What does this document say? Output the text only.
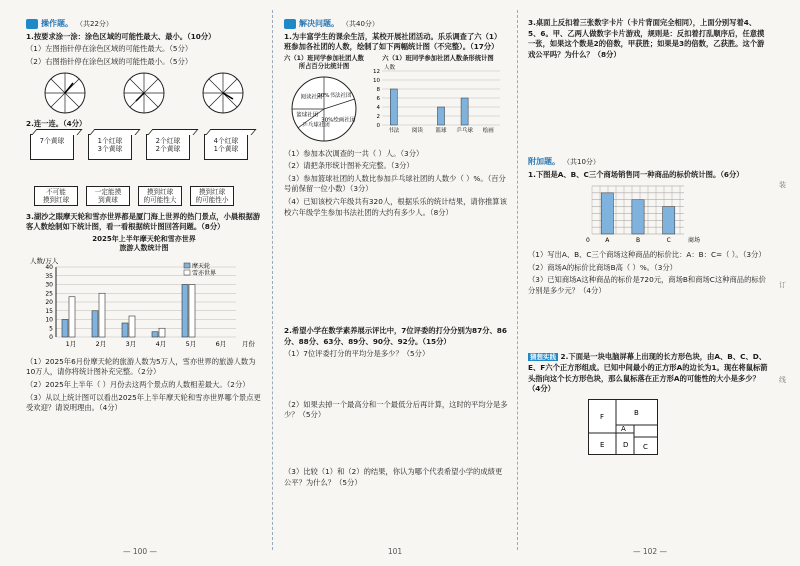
操作题。 （共22分）
1.按要求涂一涂：涂色区域的可能性最大、最小。（10分）
（1）左图指针停在涂色区域的可能性最大。（5分）
（2）右图指针停在涂色区域的可能性最小。（5分）
2.连一连。（4分）
7个黄球	1个红球
3个黄球
2个红球
2个黄球
4个红球
1个黄球
不可能
摸到红球
一定能摸
到黄球
摸到红球
的可能性大
摸到红球
的可能性小
3.湖沙之眼摩天轮和雪亦世界都是厦门海上世界的热门景点，小晨根据游客人数绘制如下统计图，看一看根据统计图回答问题。（8分）
2025年上半年摩天轮和雪亦世界
旅游人数统计图
人数/万人
0
5
10
15
20
25
30
35
40
1月	2月	3月	4月	5月	6月 月份
摩天轮
雪亦世界
（1）2025年6月份摩天轮的旅游人数为5万人，雪亦世界的旅游人数为10万人，请你将统计图补充完整。（2分）
（2）2025年上半年（ ）月份去这两个景点的人数相差最大。（2分）
（3）从以上统计图可以看出2025年上半年摩天轮和雪亦世界哪个景点更受欢迎？请说明理由。（4分）
— 100 —
解决问题。 （共40分）
1.为丰富学生的课余生活，某校开展社团活动。乐乐调查了六（1）班参加各社团的人数，绘制了如下两幅统计图（不完整）。（17分）
六（1）班同学参加社团人数所占百分比统计图
20%书法社团
30%绘画社团
乒乓球社团
篮球社团
阅读社团
六（1）班同学参加社团人数条形统计图
人数
0
2
4
6
8
10
12
书法 阅读 篮球 乒乓球 绘画
（1）参加本次调查的一共（ ）人。（3分）
（2）请把条形统计图补充完整。（3分）
（3）参加篮球社团的人数比参加乒乓球社团的人数少（ ）%。（百分号前保留一位小数）（3分）
（4）已知该校六年级共有320人，根据乐乐的统计结果，请你推算该校六年级学生参加书法社团的大约有多少人。（8分）
2.希望小学在数学素养展示评比中，7位评委的打分分别为87分、86分、88分、63分、89分、90分、92分。（15分）
（1）7位评委打分的平均分是多少？（5分）
（2）如果去掉一个最高分和一个最低分后再计算，这时的平均分是多少？（5分）
（3）比较（1）和（2）的结果，你认为哪个代表希望小学的成绩更公平？为什么？（5分）
101
3.桌面上反扣着三张数字卡片（卡片背面完全相同），上面分别写着4、5、6。甲、乙两人做数字卡片游戏，规则是：反扣着打乱顺序后，任意摸一张，如果这个数是2的倍数，甲获胜；如果是3的倍数，乙获胜。这个游戏公平吗？为什么？（8分）
附加题。 （共10分）
1.下图是A、B、C三个商场销售同一种商品的标价统计图。（6分）
0	A	B	C	商场
（1）写出A、B、C三个商场这种商品的标价比：A：B：C=（ ）。（3分）
（2）商场A的标价比商场B高（ ）%。（3分）
（3）已知商场A这种商品的标价是720元，商场B和商场C这种商品的标价分别是多少元？（4分）
猜想实践 2.下面是一块电脑屏幕上出现的长方形色块，由A、B、C、D、E、F六个正方形组成。已知中间最小的正方形A的边长为1。现在将鼠标箭头指向这个长方形色块，那么鼠标落在正方形A的可能性的大小是多少？（4分）
F	B
A
E	D C
— 102 —
装
订
线
